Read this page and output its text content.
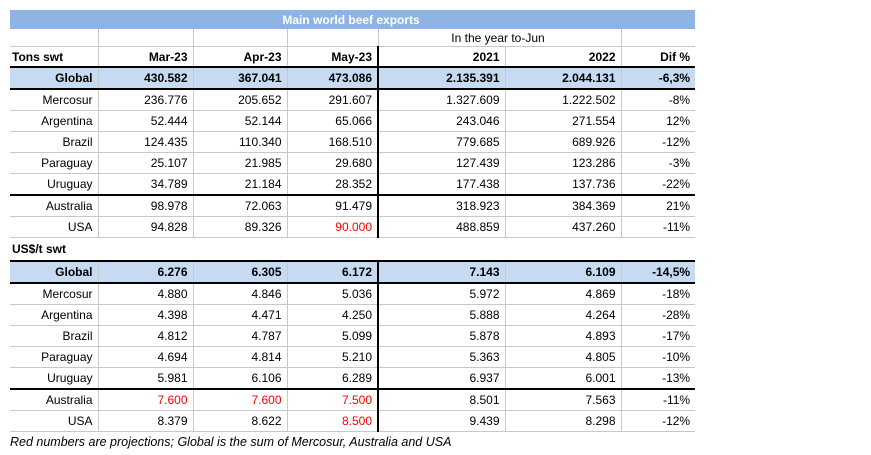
Main world beef exports						
				In the year to-Jun		
Tons swt	Mar-23	Apr-23	May-23	2021	2022	Dif %
Global	430.582	367.041	473.086	2.135.391	2.044.131	-6,3%
Mercosur	236.776	205.652	291.607	1.327.609	1.222.502	-8%
Argentina	52.444	52.144	65.066	243.046	271.554	12%
Brazil	124.435	110.340	168.510	779.685	689.926	-12%
Paraguay	25.107	21.985	29.680	127.439	123.286	-3%
Uruguay	34.789	21.184	28.352	177.438	137.736	-22%
Australia	98.978	72.063	91.479	318.923	384.369	21%
USA	94.828	89.326	90.000	488.859	437.260	-11%
US$/t swt						
Global	6.276	6.305	6.172	7.143	6.109	-14,5%
Mercosur	4.880	4.846	5.036	5.972	4.869	-18%
Argentina	4.398	4.471	4.250	5.888	4.264	-28%
Brazil	4.812	4.787	5.099	5.878	4.893	-17%
Paraguay	4.694	4.814	5.210	5.363	4.805	-10%
Uruguay	5.981	6.106	6.289	6.937	6.001	-13%
Australia	7.600	7.600	7.500	8.501	7.563	-11%
USA	8.379	8.622	8.500	9.439	8.298	-12%
Red numbers are projections; Global is the sum of Mercosur, Australia and USA
